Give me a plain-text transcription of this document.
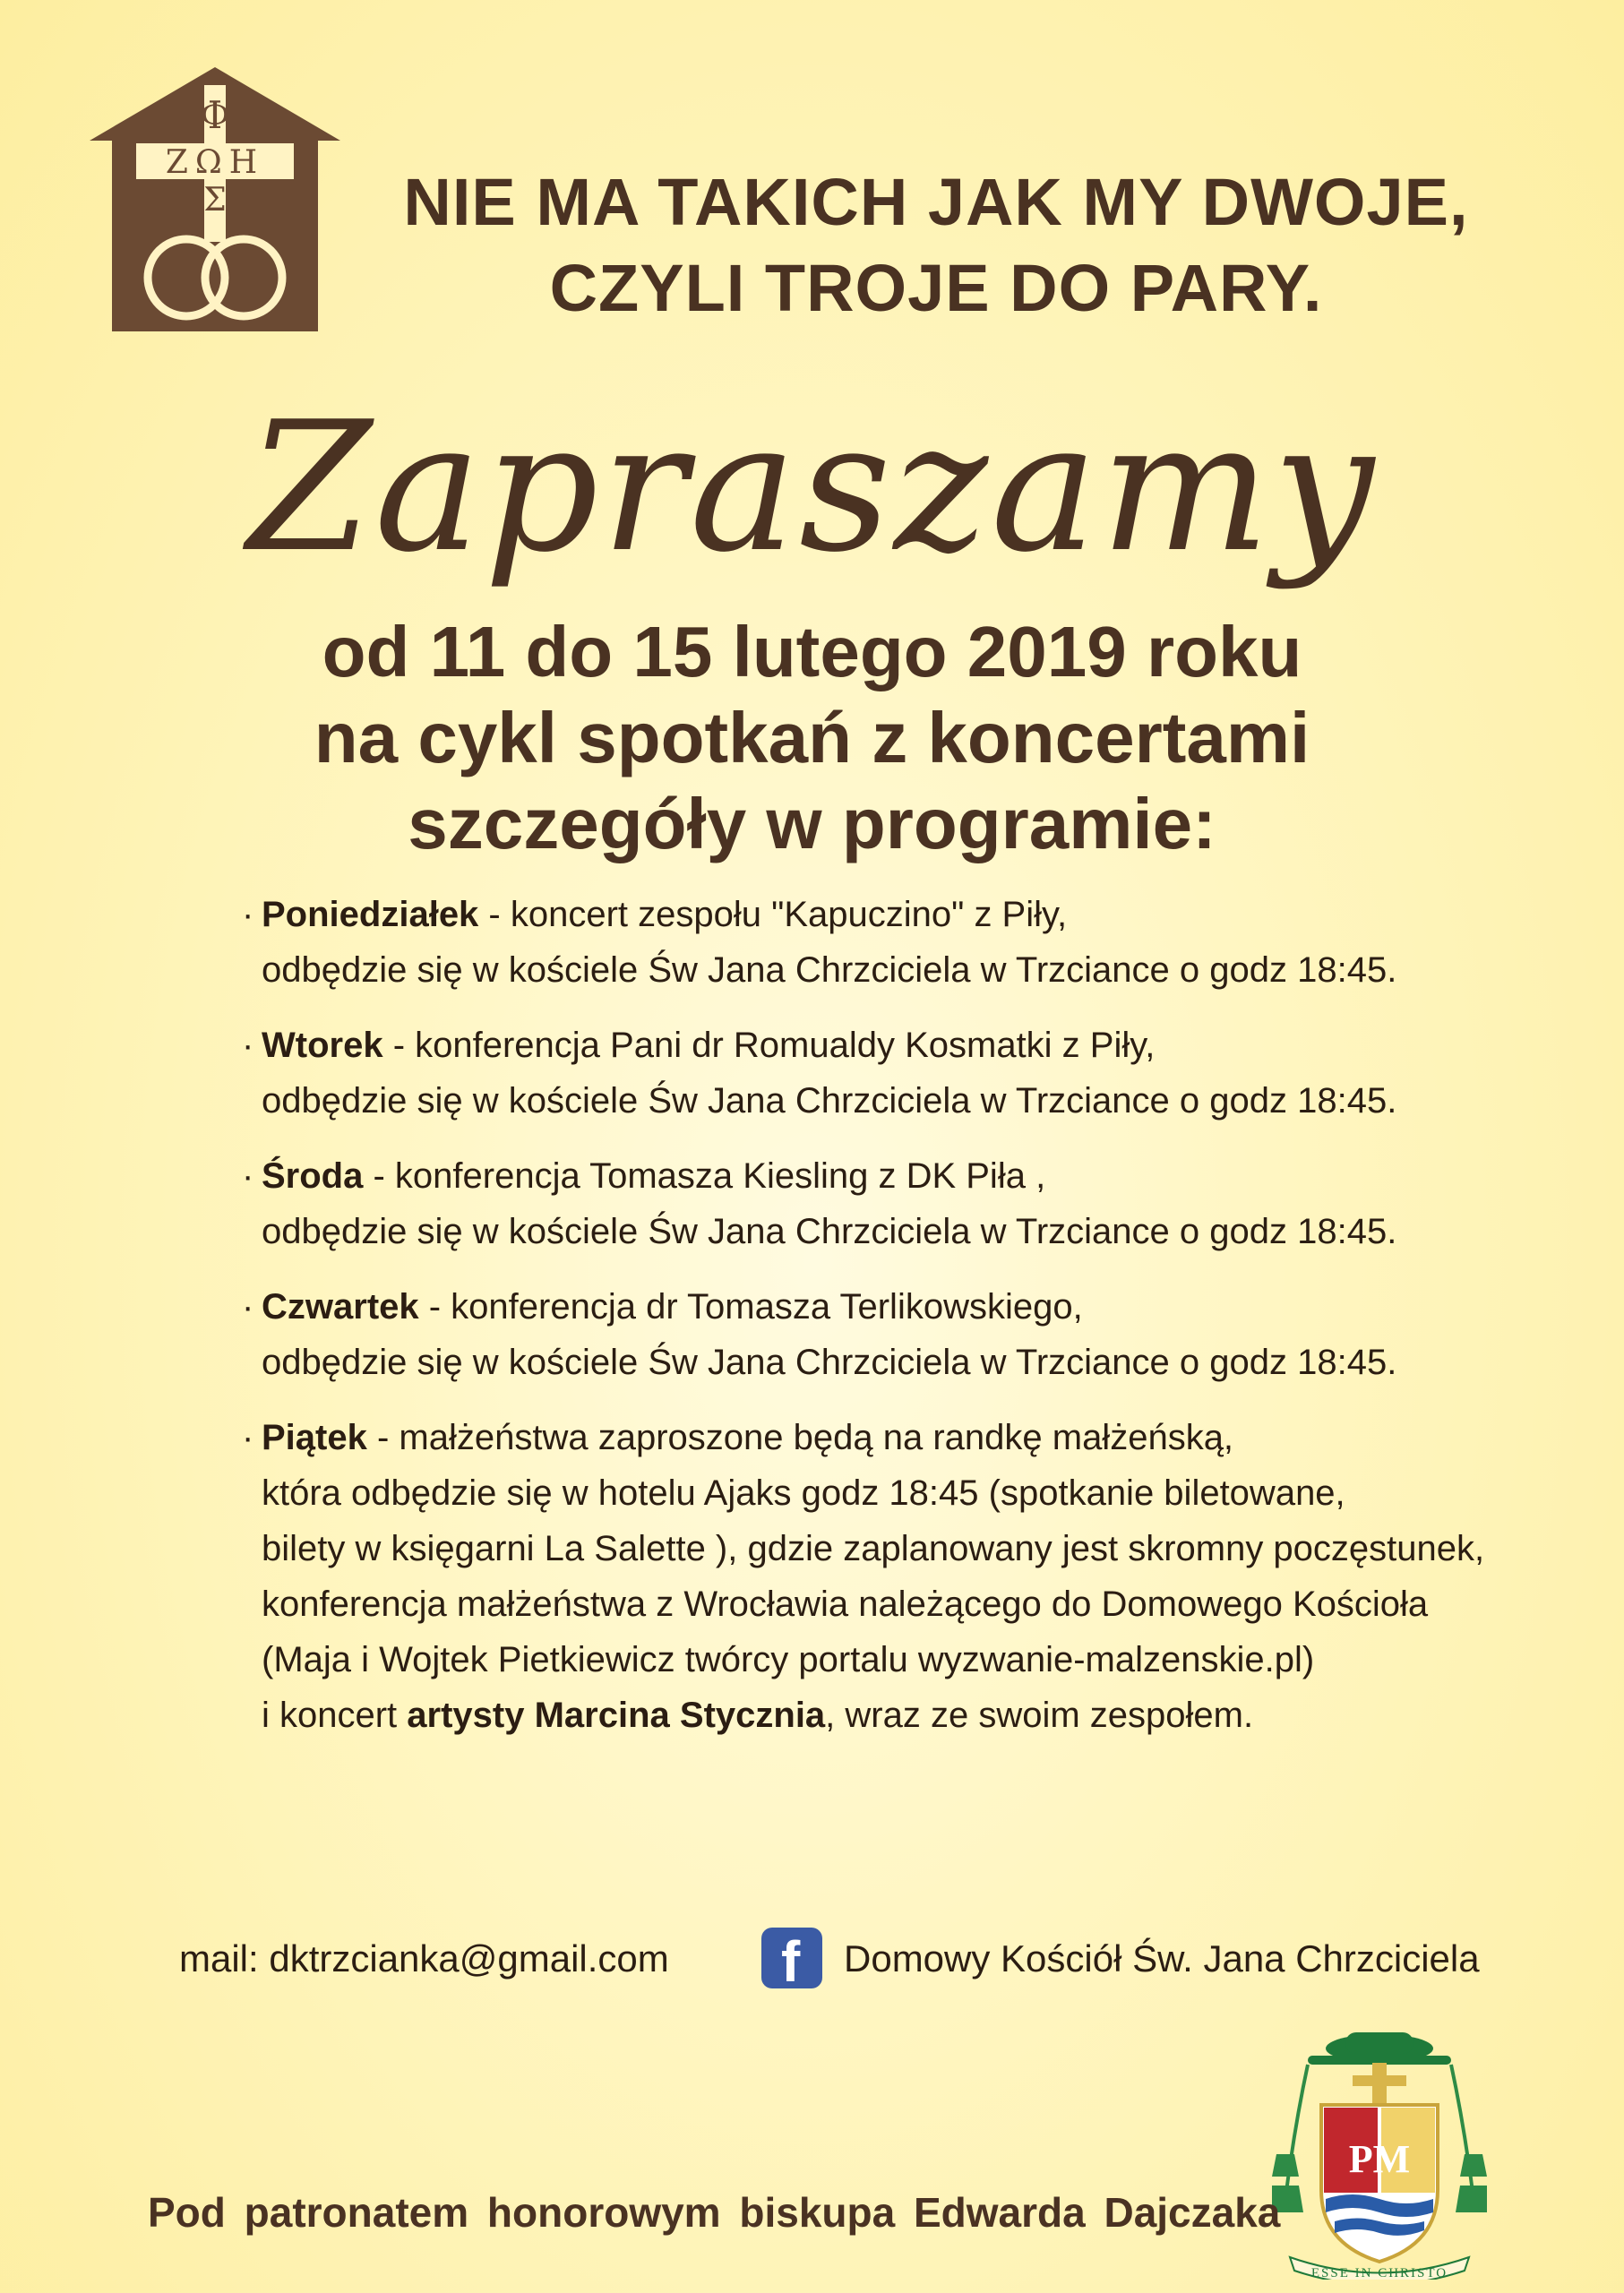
Φ
ΖΩΗ
Σ	NIE MA TAKICH JAK MY DWOJE,
CZYLI TROJE DO PARY.
Zapraszamy
od 11 do 15 lutego 2019 roku
na cykl spotkań z koncertami
szczegóły w programie:
· Poniedziałek - koncert zespołu "Kapuczino" z Piły,
odbędzie się w kościele Św Jana Chrzciciela w Trzciance o godz 18:45.
· Wtorek - konferencja Pani dr Romualdy Kosmatki z Piły,
odbędzie się w kościele Św Jana Chrzciciela w Trzciance o godz 18:45.
· Środa - konferencja Tomasza Kiesling z DK Piła ,
odbędzie się w kościele Św Jana Chrzciciela w Trzciance o godz 18:45.
· Czwartek - konferencja dr Tomasza Terlikowskiego,
odbędzie się w kościele Św Jana Chrzciciela w Trzciance o godz 18:45.
· Piątek - małżeństwa zaproszone będą na randkę małżeńską,
która odbędzie się w hotelu Ajaks godz 18:45 (spotkanie biletowane,
bilety w księgarni La Salette ), gdzie zaplanowany jest skromny poczęstunek,
konferencja małżeństwa z Wrocławia należącego do Domowego Kościoła
(Maja i Wojtek Pietkiewicz twórcy portalu wyzwanie-malzenskie.pl)
i koncert artysty Marcina Stycznia, wraz ze swoim zespołem.
mail: dktrzcianka@gmail.com f Domowy Kościół Św. Jana Chrzciciela
PM
ESSE IN CHRISTO
Pod patronatem honorowym biskupa Edwarda Dajczaka
